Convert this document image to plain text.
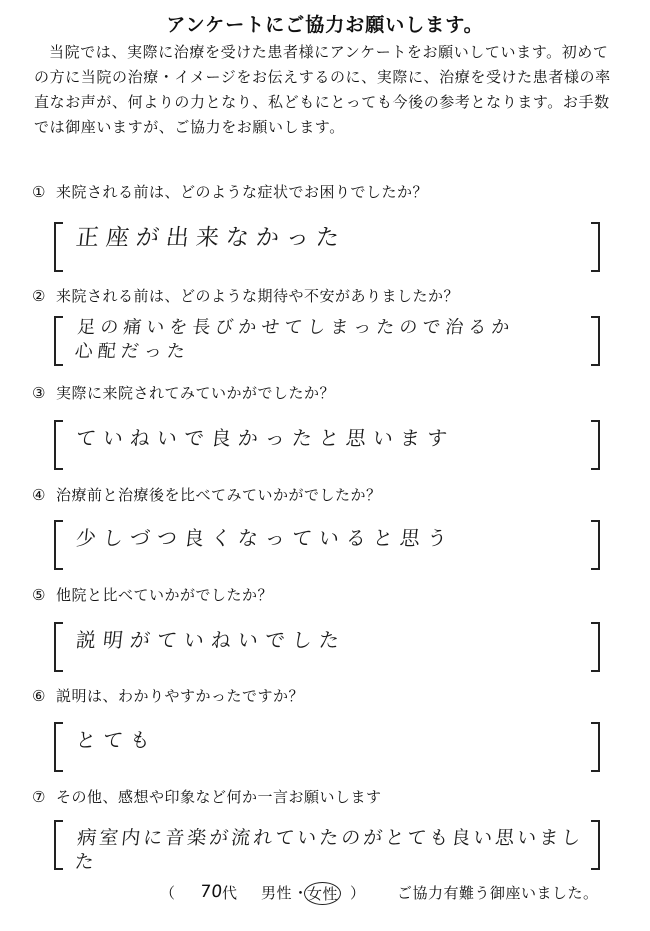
アンケートにご協力お願いします。
当院では、実際に治療を受けた患者様にアンケートをお願いしています。初めての方に当院の治療・イメージをお伝えするのに、実際に、治療を受けた患者様の率直なお声が、何よりの力となり、私どもにとっても今後の参考となります。お手数では御座いますが、ご協力をお願いします。
① 来院される前は、どのような症状でお困りでしたか？
正座が出来なかった
② 来院される前は、どのような期待や不安がありましたか？
足の痛いを長びかせてしまったので治るか
心配だった
③ 実際に来院されてみていかがでしたか？
ていねいで良かったと思います
④ 治療前と治療後を比べてみていかがでしたか？
少しづつ良くなっていると思う
⑤ 他院と比べていかがでしたか？
説明がていねいでした
⑥ 説明は、わかりやすかったですか？
とても
⑦ その他、感想や印象など何か一言お願いします
病室内に音楽が流れていたのがとても良い思いました
（ 70
代 男性 ・
女性 ） ご協力有難う御座いました。
